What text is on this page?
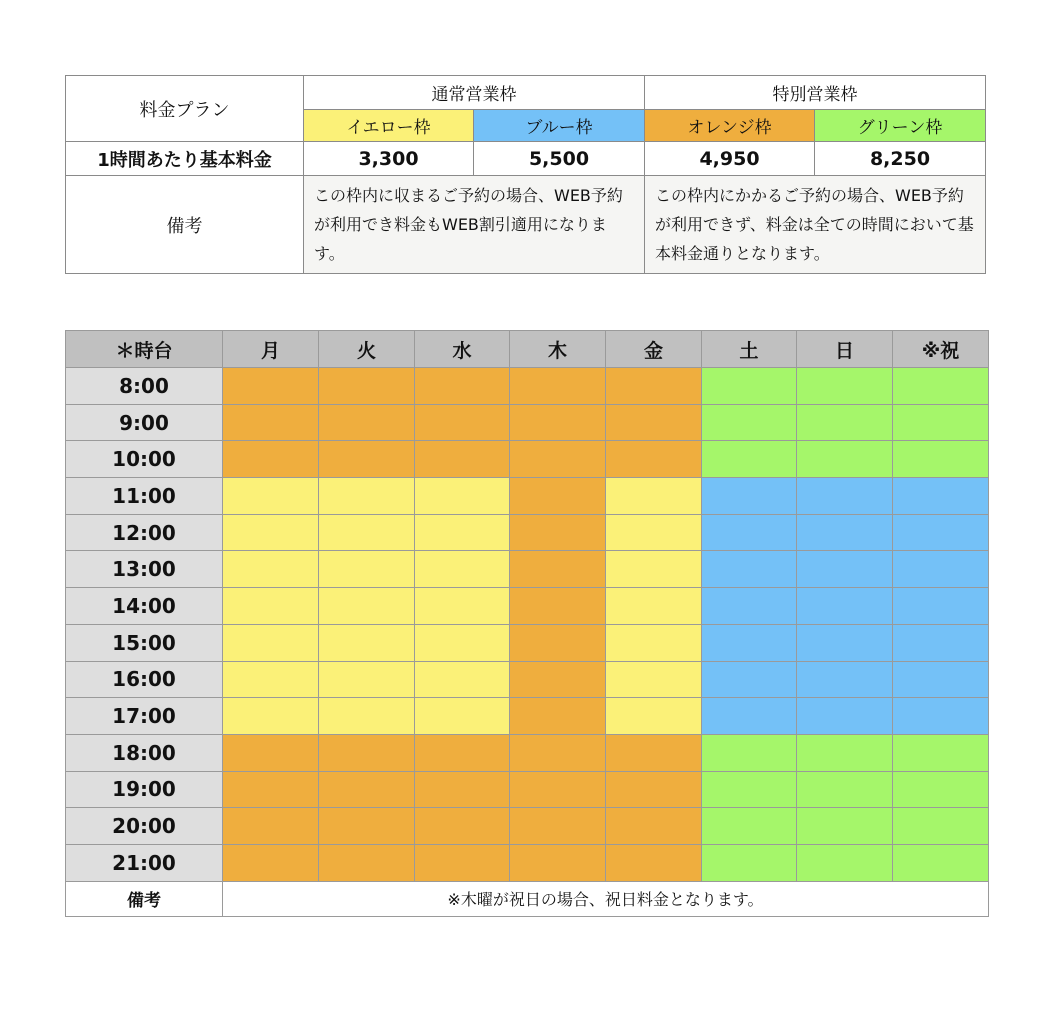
料金プラン	通常営業枠		特別営業枠	
	イエロー枠	ブルー枠	オレンジ枠	グリーン枠
1時間あたり基本料金	3,300	5,500	4,950	8,250
備考	この枠内に収まるご予約の場合、WEB予約が利用でき料金もWEB割引適用になります。		この枠内にかかるご予約の場合、WEB予約が利用できず、料金は全ての時間において基本料金通りとなります。	
＊時台	月	火	水	木	金	土	日	※祝
8:00								
9:00								
10:00								
11:00								
12:00								
13:00								
14:00								
15:00								
16:00								
17:00								
18:00								
19:00								
20:00								
21:00								
備考	※木曜が祝日の場合、祝日料金となります。							
